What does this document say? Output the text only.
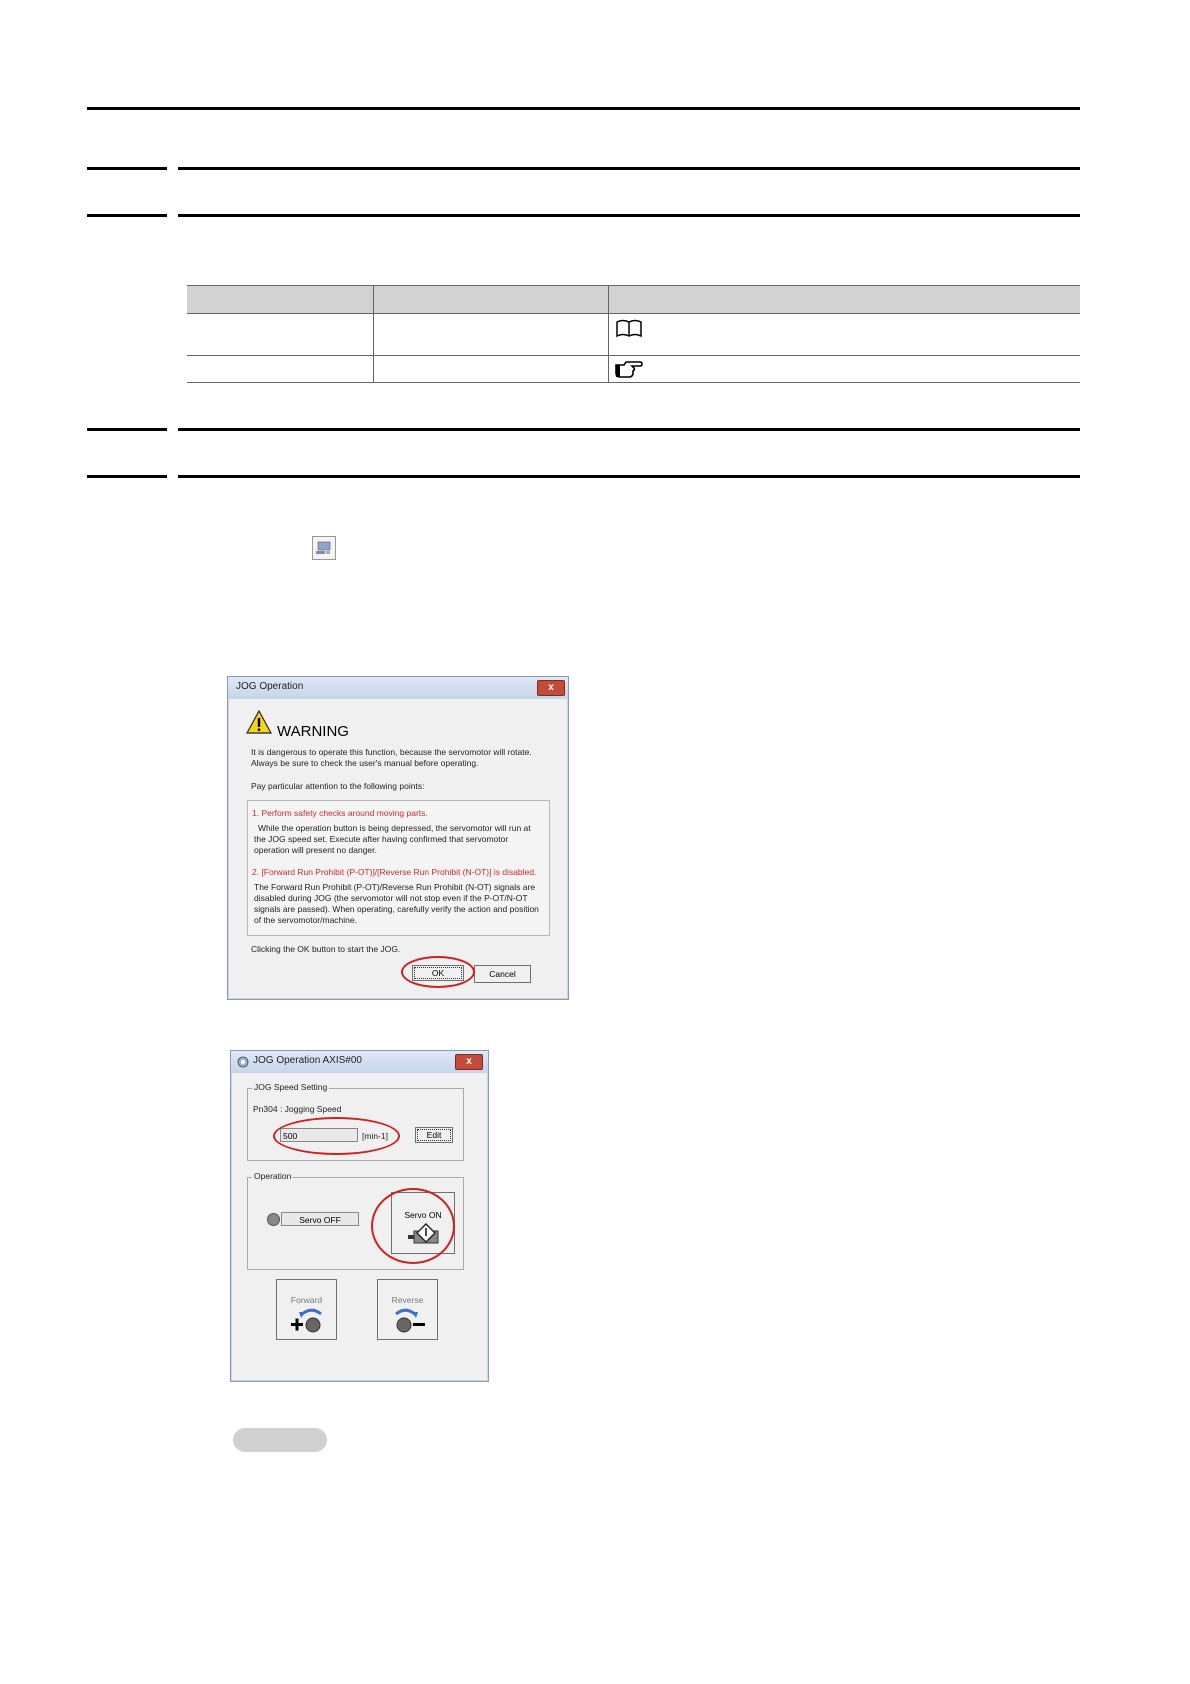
JOG Operation	x
WARNING
It is dangerous to operate this function, because the servomotor will rotate.
Always be sure to check the user's manual before operating.
Pay particular attention to the following points:
1. Perform safety checks around moving parts.
While the operation button is being depressed, the servomotor will run at
the JOG speed set. Execute after having confirmed that servomotor
operation will present no danger.
2. [Forward Run Prohibit (P-OT)]/[Reverse Run Prohibit (N-OT)] is disabled.
The Forward Run Prohibit (P-OT)/Reverse Run Prohibit (N-OT) signals are
disabled during JOG (the servomotor will not stop even if the P-OT/N-OT
signals are passed). When operating, carefully verify the action and position
of the servomotor/machine.
Clicking the OK button to start the JOG.
OK	Cancel
JOG Operation AXIS#00	x
JOG Speed Setting
Pn304 : Jogging Speed
500	[min-1]	Edit
Operation
Servo OFF	Servo ON
Forward	Reverse
